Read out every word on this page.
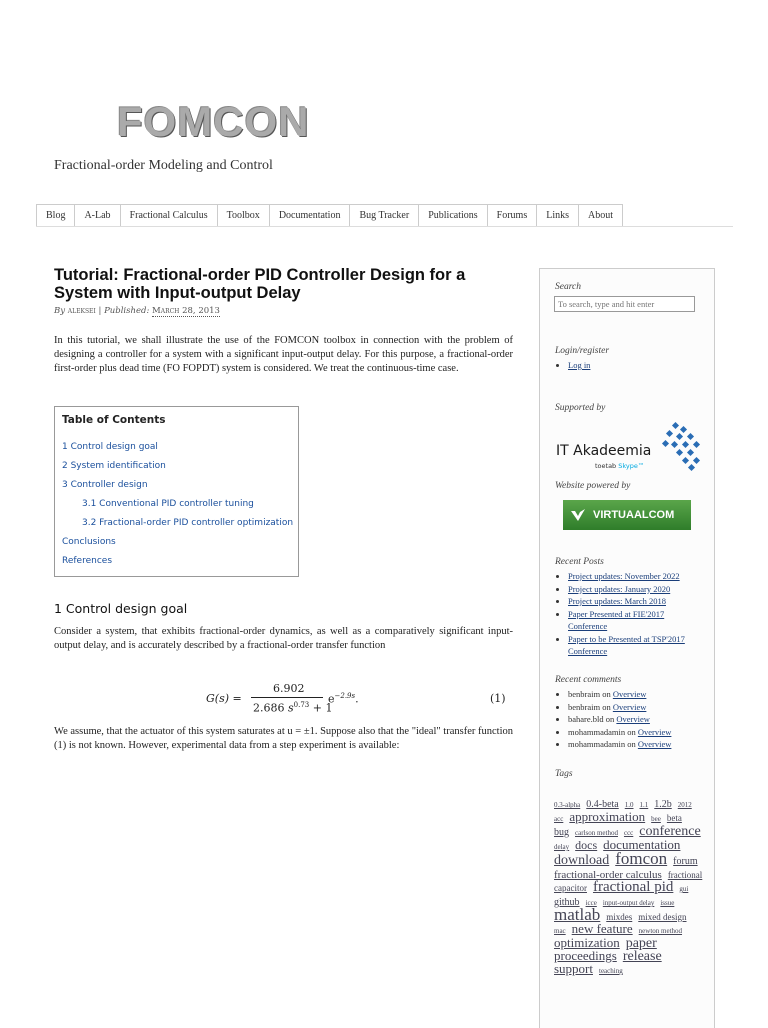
FOMCON
Fractional-order Modeling and Control
Blog	A-Lab	Fractional Calculus	Toolbox	Documentation	Bug Tracker	Publications	Forums	Links	About
Tutorial: Fractional-order PID Controller Design for a System with Input-output Delay
By aleksei | Published: March 28, 2013

In this tutorial, we shall illustrate the use of the FOMCON toolbox in connection with the problem of designing a controller for a system with a significant input-output delay. For this purpose, a fractional-order first-order plus dead time (FO FOPDT) system is considered. We treat the continuous-time case.

Table of Contents
1 Control design goal
2 System identification
3 Controller design
3.1 Conventional PID controller tuning
3.2 Fractional-order PID controller optimization
Conclusions
References
1 Control design goal

Consider a system, that exhibits fractional-order dynamics, as well as a comparatively significant input-output delay, and is accurately described by a fractional-order transfer function

G(s) =
6.902
2.686 $s^{0.73} + 1$
$e^{-2.9s}$.	(1)

We assume, that the actuator of this system saturates at u = ±1. Suppose also that the "ideal" transfer function (1) is not known. However, experimental data from a step experiment is available:

Search
To search, type and hit enter
Login/register
• Log in
Supported by
IT Akadeemia
toetab Skype™
Website powered by
VIRTUAALCOM
Recent Posts
• Project updates: November 2022
• Project updates: January 2020
• Project updates: March 2018
• Paper Presented at FIE'2017 Conference
• Paper to be Presented at TSP'2017 Conference
Recent comments
• benbraim on Overview
• benbraim on Overview
• bahare.bld on Overview
• mohammadamin on Overview
• mohammadamin on Overview
Tags
0.3-alpha 0.4-beta 1.0 1.1 1.2b 2012 acc approximation bee beta bug carlson method ccc conference delay docs documentation download fomcon forum fractional-order calculus fractional capacitor fractional pid gui github icce input-output delay issue matlab mixdes mixed design mac new feature newton method optimization paper proceedings release support teaching
